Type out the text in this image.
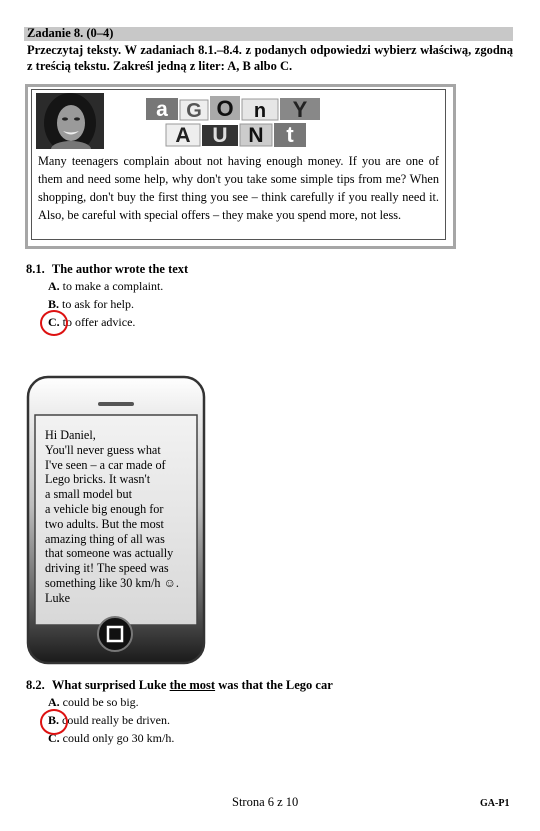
Zadanie 8. (0–4)
Przeczytaj teksty. W zadaniach 8.1.–8.4. z podanych odpowiedzi wybierz właściwą, zgodną z treścią tekstu. Zakreśl jedną z liter: A, B albo C.
a G O n Y
A U N t
Many teenagers complain about not having enough money. If you are one of them and need some help, why don't you take some simple tips from me? When shopping, don't buy the first thing you see – think carefully if you really need it. Also, be careful with special offers – they make you spend more, not less.
8.1. The author wrote the text
A. to make a complaint.
B. to ask for help.
C. to offer advice.
Hi Daniel,
You'll never guess what
I've seen – a car made of
Lego bricks. It wasn't
a small model but
a vehicle big enough for
two adults. But the most
amazing thing of all was
that someone was actually
driving it! The speed was
something like 30 km/h ☺.
Luke
8.2. What surprised Luke the most was that the Lego car
A. could be so big.
B. could really be driven.
C. could only go 30 km/h.
Strona 6 z 10	GA-P1
